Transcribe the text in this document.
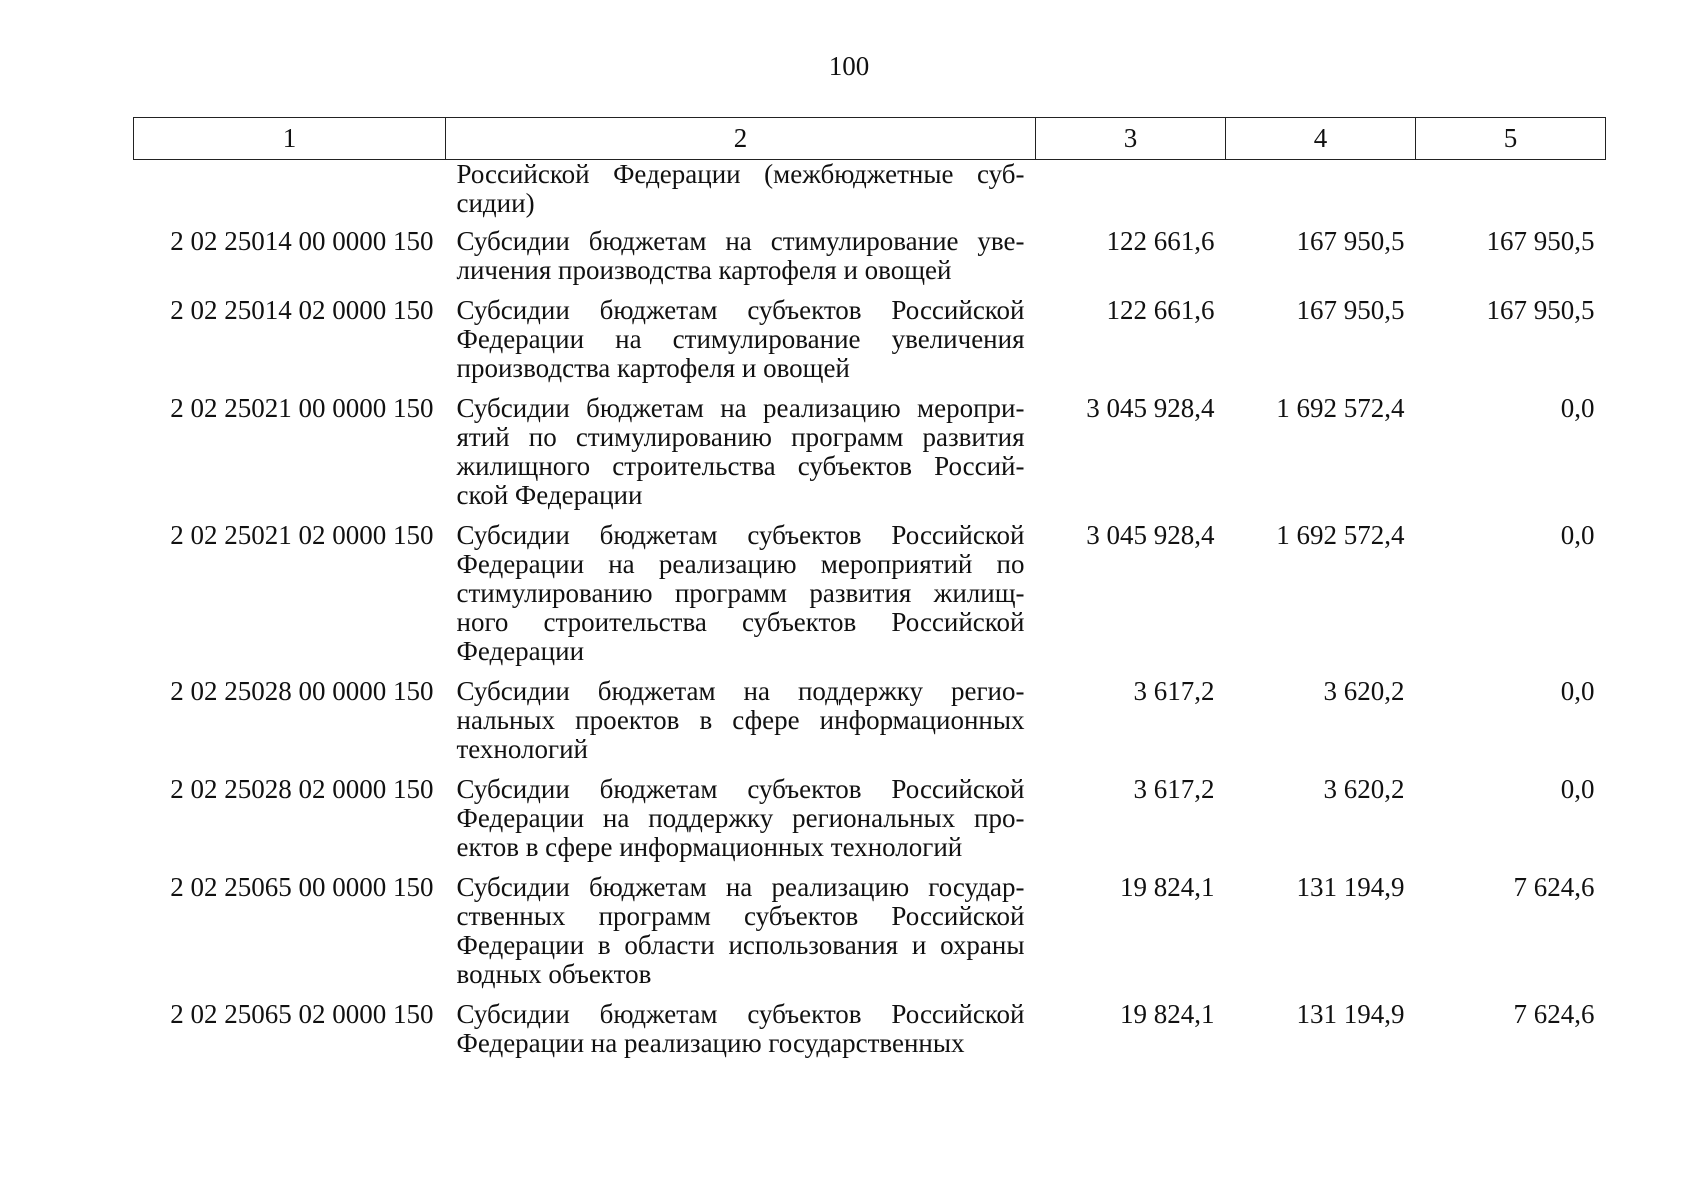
100
1	2	3	4	5
	Российской Федерации (межбюджетные суб-сидии)			
2 02 25014 00 0000 150	Субсидии бюджетам на стимулирование уве-личения производства картофеля и овощей	122 661,6	167 950,5	167 950,5
2 02 25014 02 0000 150	Субсидии бюджетам субъектов Российской Федерации на стимулирование увеличения производства картофеля и овощей	122 661,6	167 950,5	167 950,5
2 02 25021 00 0000 150	Субсидии бюджетам на реализацию меропри-ятий по стимулированию программ развития жилищного строительства субъектов Россий-ской Федерации	3 045 928,4	1 692 572,4	0,0
2 02 25021 02 0000 150	Субсидии бюджетам субъектов Российской Федерации на реализацию мероприятий по стимулированию программ развития жилищ-ного строительства субъектов Российской Федерации	3 045 928,4	1 692 572,4	0,0
2 02 25028 00 0000 150	Субсидии бюджетам на поддержку регио-нальных проектов в сфере информационных технологий	3 617,2	3 620,2	0,0
2 02 25028 02 0000 150	Субсидии бюджетам субъектов Российской Федерации на поддержку региональных про-ектов в сфере информационных технологий	3 617,2	3 620,2	0,0
2 02 25065 00 0000 150	Субсидии бюджетам на реализацию государ-ственных программ субъектов Российской Федерации в области использования и охраны водных объектов	19 824,1	131 194,9	7 624,6
2 02 25065 02 0000 150	Субсидии бюджетам субъектов Российской Федерации на реализацию государственных	19 824,1	131 194,9	7 624,6
